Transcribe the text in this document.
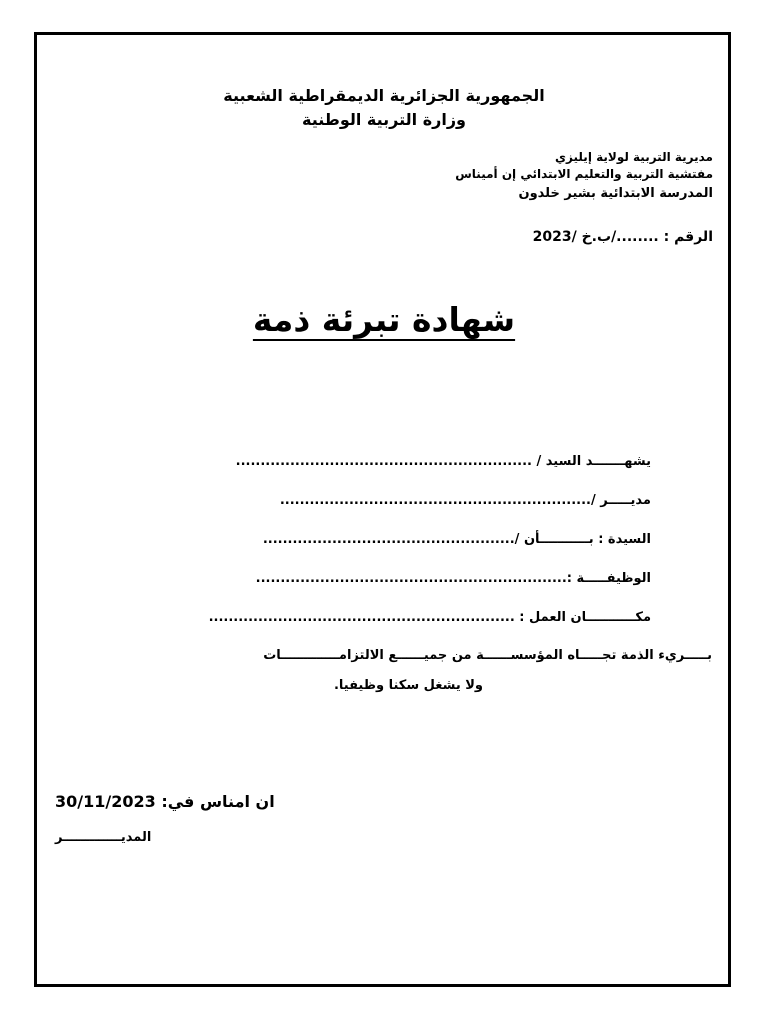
الجمهورية الجزائرية الديمقراطية الشعبية
وزارة التربية الوطنية
مديرية التربية لولاية إيليزي
مفتشية التربية والتعليم الابتدائي إن أميناس
المدرسة الابتدائية بشير خلدون
الرقم : ......../ب.خ /2023
شهادة تبرئة ذمة
يشهـــــــد السيد / ............................................................
مديـــــر /...............................................................
السيدة : بـــــــــــأن /...................................................
الوظيفـــــة :...............................................................
مكـــــــــــان العمل : ..............................................................
بـــــريء الذمة تجـــــاه المؤسســــــة من جميــــــع الالتزامـــــــــــــات
ولا يشغل سكنا وظيفيا.
ان امناس في: 30/11/2023
المديـــــــــــــر
